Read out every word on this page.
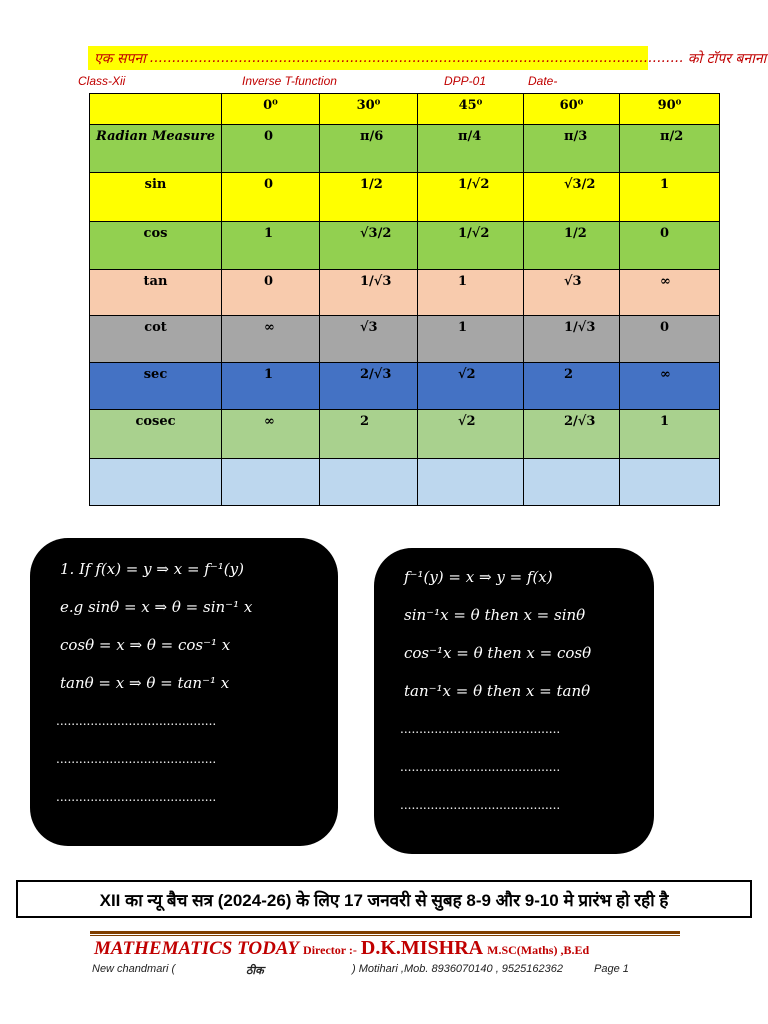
एक सपना ........................................................................................................................ को टॉपर बनाना
Class-Xii	Inverse T-function	DPP-01	Date-
	0⁰	30⁰	45⁰	60⁰	90⁰
Radian Measure	0	π/6	π/4	π/3	π/2
sin	0	1/2	1/√2	√3/2	1
cos	1	√3/2	1/√2	1/2	0
tan	0	1/√3	1	√3	∞
cot	∞	√3	1	1/√3	0
sec	1	2/√3	√2	2	∞
cosec	∞	2	√2	2/√3	1

1. If f(x) = y ⇒ x = f⁻¹(y)
e.g sinθ = x ⇒ θ = sin⁻¹ x
cosθ = x ⇒ θ = cos⁻¹ x
tanθ = x ⇒ θ = tan⁻¹ x
..........................................
..........................................
..........................................
f⁻¹(y) = x ⇒ y = f(x)
sin⁻¹x = θ then x = sinθ
cos⁻¹x = θ then x = cosθ
tan⁻¹x = θ then x = tanθ
..........................................
..........................................
..........................................
XII का न्यू बैच सत्र (2024-26) के लिए 17 जनवरी से सुबह 8-9 और 9-10 मे प्रारंभ हो रही है
MATHEMATICS TODAY Director :- D.K.MISHRA M.SC(Maths) ,B.Ed
New chandmari (	ठीक	) Motihari ,Mob. 8936070140 , 9525162362	Page 1
